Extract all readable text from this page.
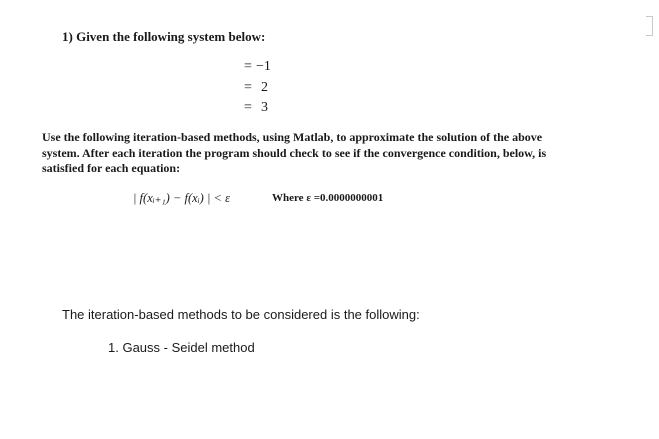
1) Given the following system below:
= −1
= 2
= 3
Use the following iteration-based methods, using Matlab, to approximate the solution of the above system. After each iteration the program should check to see if the convergence condition, below, is satisfied for each equation:
| f(xᵢ₊₁) − f(xᵢ) | < ε	Where ε =0.0000000001
The iteration-based methods to be considered is the following:
1. Gauss - Seidel method
